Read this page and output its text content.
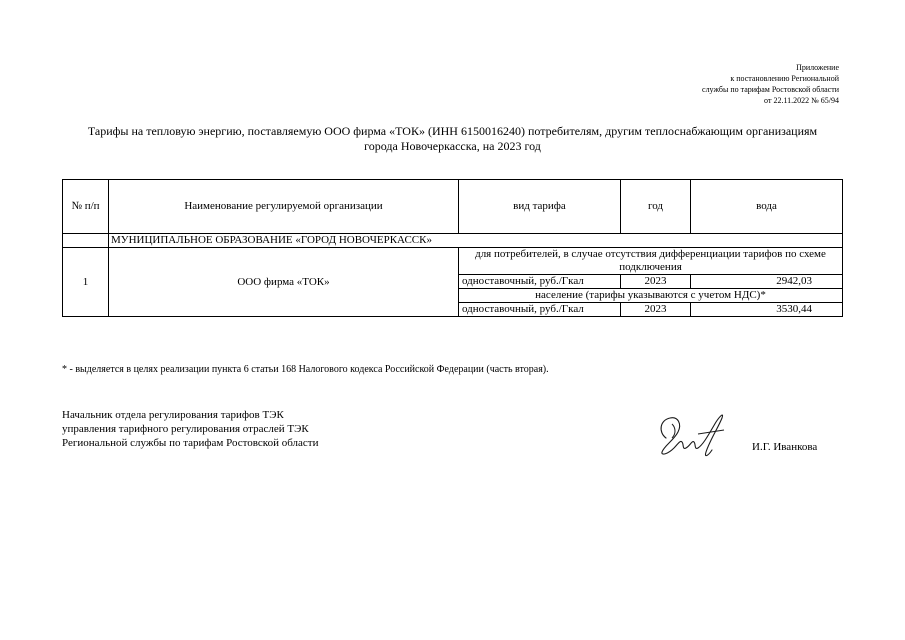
Приложение
к постановлению Региональной
службы по тарифам Ростовской области
от 22.11.2022 № 65/94
Тарифы на тепловую энергию, поставляемую ООО фирма «ТОК» (ИНН 6150016240) потребителям, другим теплоснабжающим организациям
города Новочеркасска, на 2023 год
№ п/п	Наименование регулируемой организации	вид тарифа	год	вода
	МУНИЦИПАЛЬНОЕ ОБРАЗОВАНИЕ «ГОРОД НОВОЧЕРКАССК»			
1	ООО фирма «ТОК»	для потребителей, в случае отсутствия дифференциации тарифов по схеме подключения		
		одноставочный, руб./Гкал	2023	2942,03
		население (тарифы указываются с учетом НДС)*		
		одноставочный, руб./Гкал	2023	3530,44
* - выделяется в целях реализации пункта 6 статьи 168 Налогового кодекса Российской Федерации (часть вторая).
Начальник отдела регулирования тарифов ТЭК
управления тарифного регулирования отраслей ТЭК
Региональной службы по тарифам Ростовской области	И.Г. Иванкова
